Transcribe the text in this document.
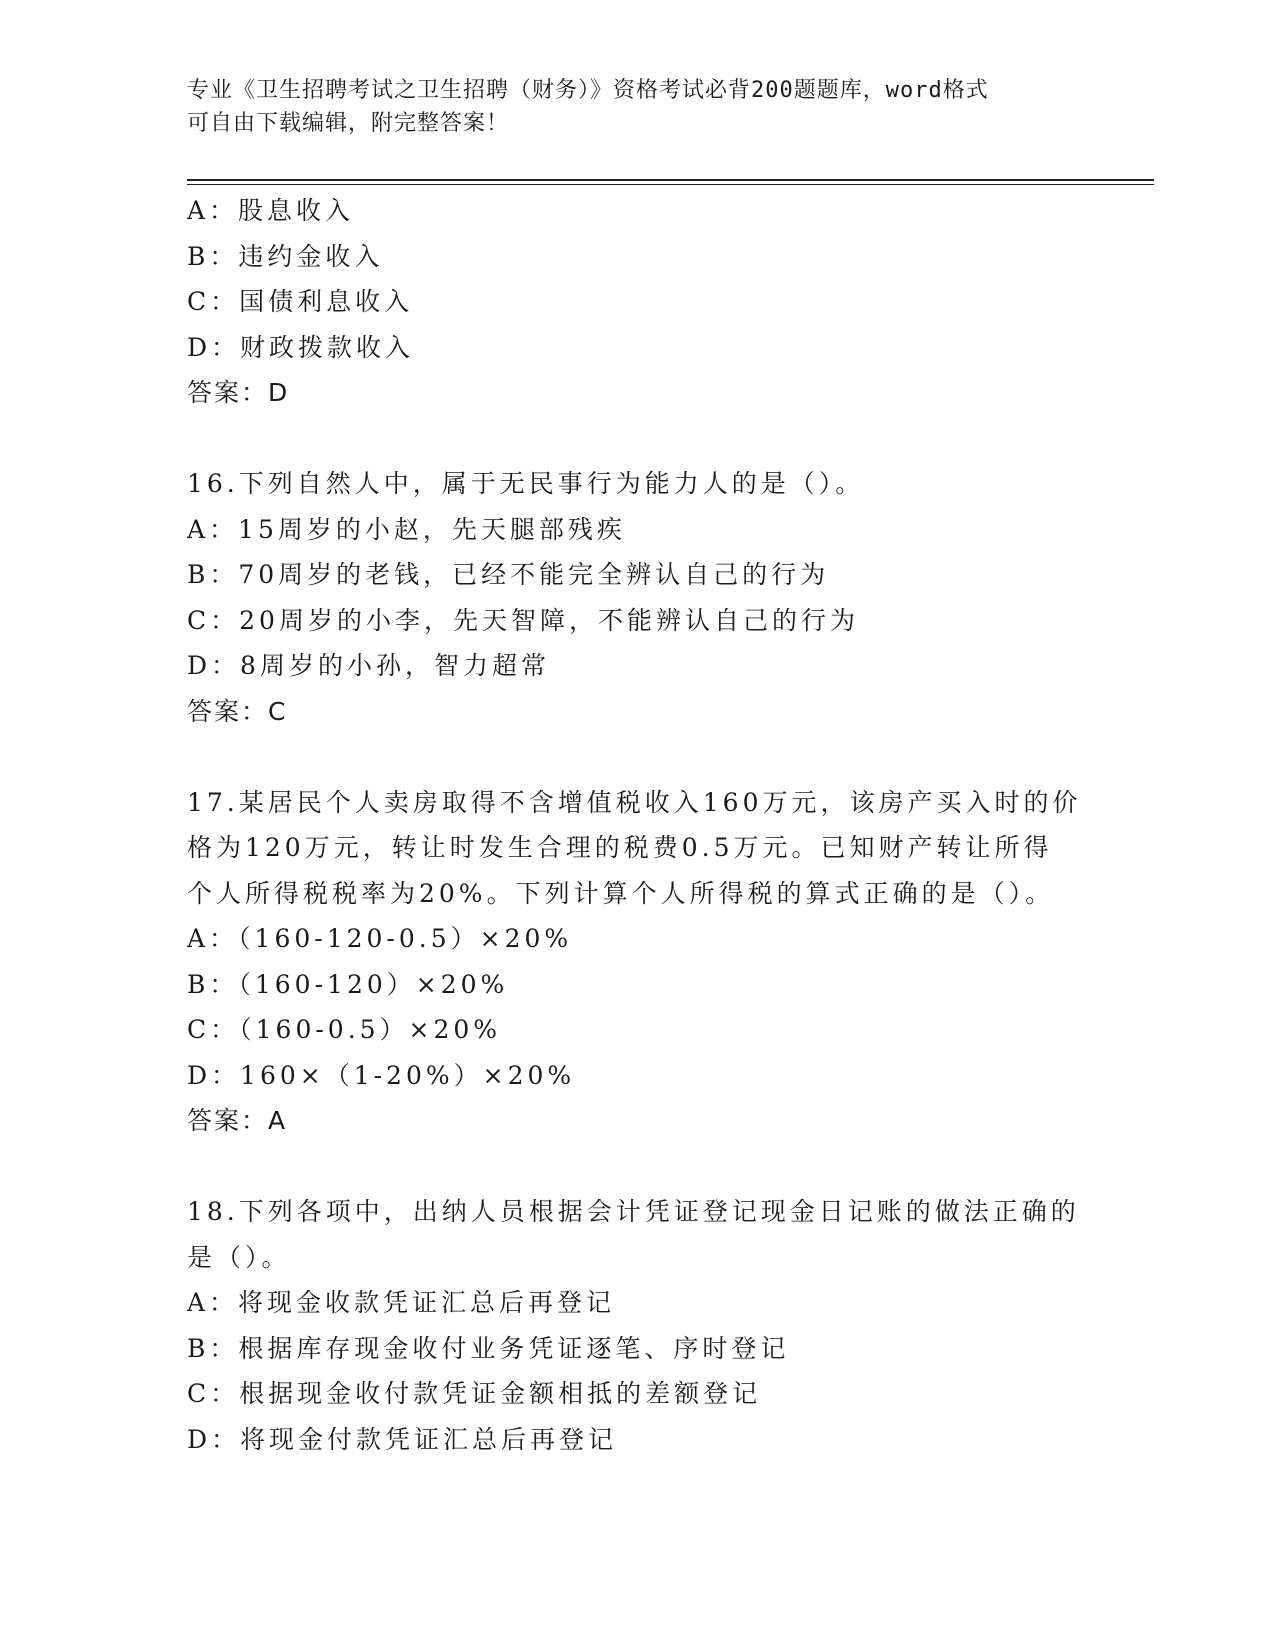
专业《卫生招聘考试之卫生招聘（财务）》资格考试必背200题题库，word格式
可自由下载编辑，附完整答案！
A：股息收入
B：违约金收入
C：国债利息收入
D：财政拨款收入
答案：D
16.下列自然人中，属于无民事行为能力人的是（）。
A：15周岁的小赵，先天腿部残疾
B：70周岁的老钱，已经不能完全辨认自己的行为
C：20周岁的小李，先天智障，不能辨认自己的行为
D：8周岁的小孙，智力超常
答案：C
17.某居民个人卖房取得不含增值税收入160万元，该房产买入时的价
格为120万元，转让时发生合理的税费0.5万元。已知财产转让所得
个人所得税税率为20%。下列计算个人所得税的算式正确的是（）。
A：（160-120-0.5）×20%
B：（160-120）×20%
C：（160-0.5）×20%
D：160×（1-20%）×20%
答案：A
18.下列各项中，出纳人员根据会计凭证登记现金日记账的做法正确的
是（）。
A：将现金收款凭证汇总后再登记
B：根据库存现金收付业务凭证逐笔、序时登记
C：根据现金收付款凭证金额相抵的差额登记
D：将现金付款凭证汇总后再登记
